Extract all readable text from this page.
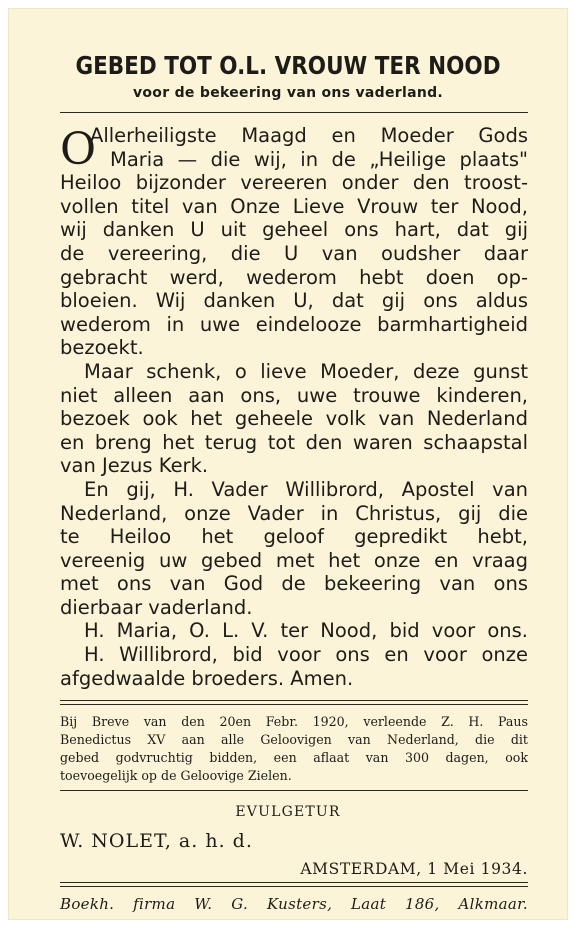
GEBED TOT O.L. VROUW TER NOOD
voor de bekeering van ons vaderland.
O
Allerheiligste Maagd en Moeder Gods
Maria — die wij, in de „Heilige plaats"
Heiloo bijzonder vereeren onder den troost-
vollen titel van Onze Lieve Vrouw ter Nood,
wij danken U uit geheel ons hart, dat gij
de vereering, die U van oudsher daar
gebracht werd, wederom hebt doen op-
bloeien. Wij danken U, dat gij ons aldus
wederom in uwe eindelooze barmhartigheid
bezoekt.
Maar schenk, o lieve Moeder, deze gunst
niet alleen aan ons, uwe trouwe kinderen,
bezoek ook het geheele volk van Nederland
en breng het terug tot den waren schaapstal
van Jezus Kerk.
En gij, H. Vader Willibrord, Apostel van
Nederland, onze Vader in Christus, gij die
te Heiloo het geloof gepredikt hebt,
vereenig uw gebed met het onze en vraag
met ons van God de bekeering van ons
dierbaar vaderland.
H. Maria, O. L. V. ter Nood, bid voor ons.
H. Willibrord, bid voor ons en voor onze
afgedwaalde broeders. Amen.
Bij Breve van den 20en Febr. 1920, verleende Z. H. Paus
Benedictus XV aan alle Geloovigen van Nederland, die dit
gebed godvruchtig bidden, een aflaat van 300 dagen, ook
toevoegelijk op de Geloovige Zielen.
EVULGETUR
W. NOLET, a. h. d.
AMSTERDAM, 1 Mei 1934.
Boekh. firma W. G. Kusters, Laat 186, Alkmaar.
